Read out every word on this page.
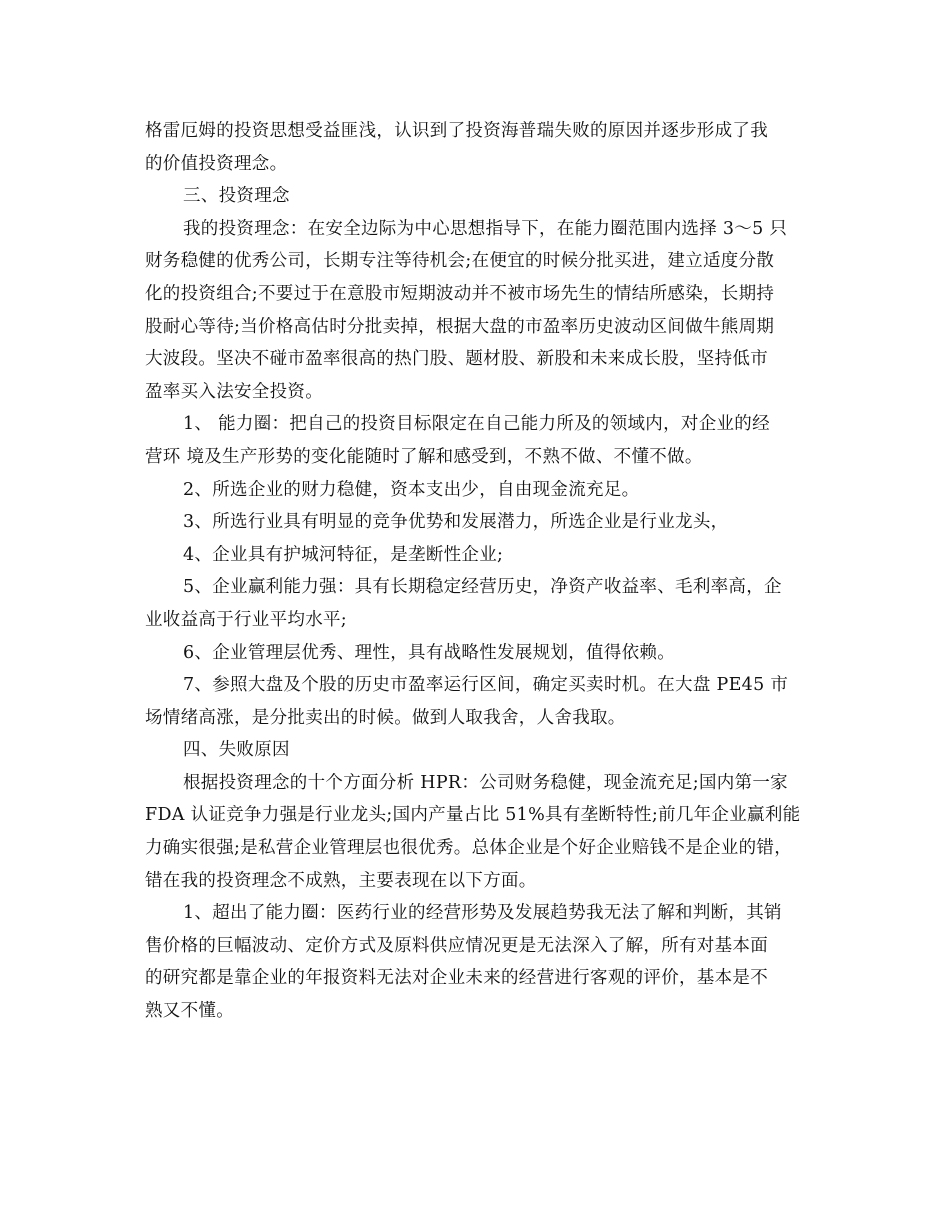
格雷厄姆的投资思想受益匪浅，认识到了投资海普瑞失败的原因并逐步形成了我

的价值投资理念。

三、投资理念

我的投资理念：在安全边际为中心思想指导下，在能力圈范围内选择 3～5 只

财务稳健的优秀公司，长期专注等待机会;在便宜的时候分批买进，建立适度分散

化的投资组合;不要过于在意股市短期波动并不被市场先生的情结所感染，长期持

股耐心等待;当价格高估时分批卖掉，根据大盘的市盈率历史波动区间做牛熊周期

大波段。坚决不碰市盈率很高的热门股、题材股、新股和未来成长股，坚持低市

盈率买入法安全投资。

1、 能力圈：把自己的投资目标限定在自己能力所及的领域内，对企业的经

营环 境及生产形势的变化能随时了解和感受到，不熟不做、不懂不做。

2、所选企业的财力稳健，资本支出少，自由现金流充足。

3、所选行业具有明显的竞争优势和发展潜力，所选企业是行业龙头，

4、企业具有护城河特征，是垄断性企业;

5、企业赢利能力强：具有长期稳定经营历史，净资产收益率、毛利率高，企

业收益高于行业平均水平;

6、企业管理层优秀、理性，具有战略性发展规划，值得依赖。

7、参照大盘及个股的历史市盈率运行区间，确定买卖时机。在大盘 PE45 市

场情绪高涨，是分批卖出的时候。做到人取我舍，人舍我取。

四、失败原因

根据投资理念的十个方面分析 HPR：公司财务稳健，现金流充足;国内第一家

FDA 认证竞争力强是行业龙头;国内产量占比 51%具有垄断特性;前几年企业赢利能

力确实很强;是私营企业管理层也很优秀。总体企业是个好企业赔钱不是企业的错，

错在我的投资理念不成熟，主要表现在以下方面。

1、超出了能力圈：医药行业的经营形势及发展趋势我无法了解和判断，其销

售价格的巨幅波动、定价方式及原料供应情况更是无法深入了解，所有对基本面

的研究都是靠企业的年报资料无法对企业未来的经营进行客观的评价，基本是不

熟又不懂。
